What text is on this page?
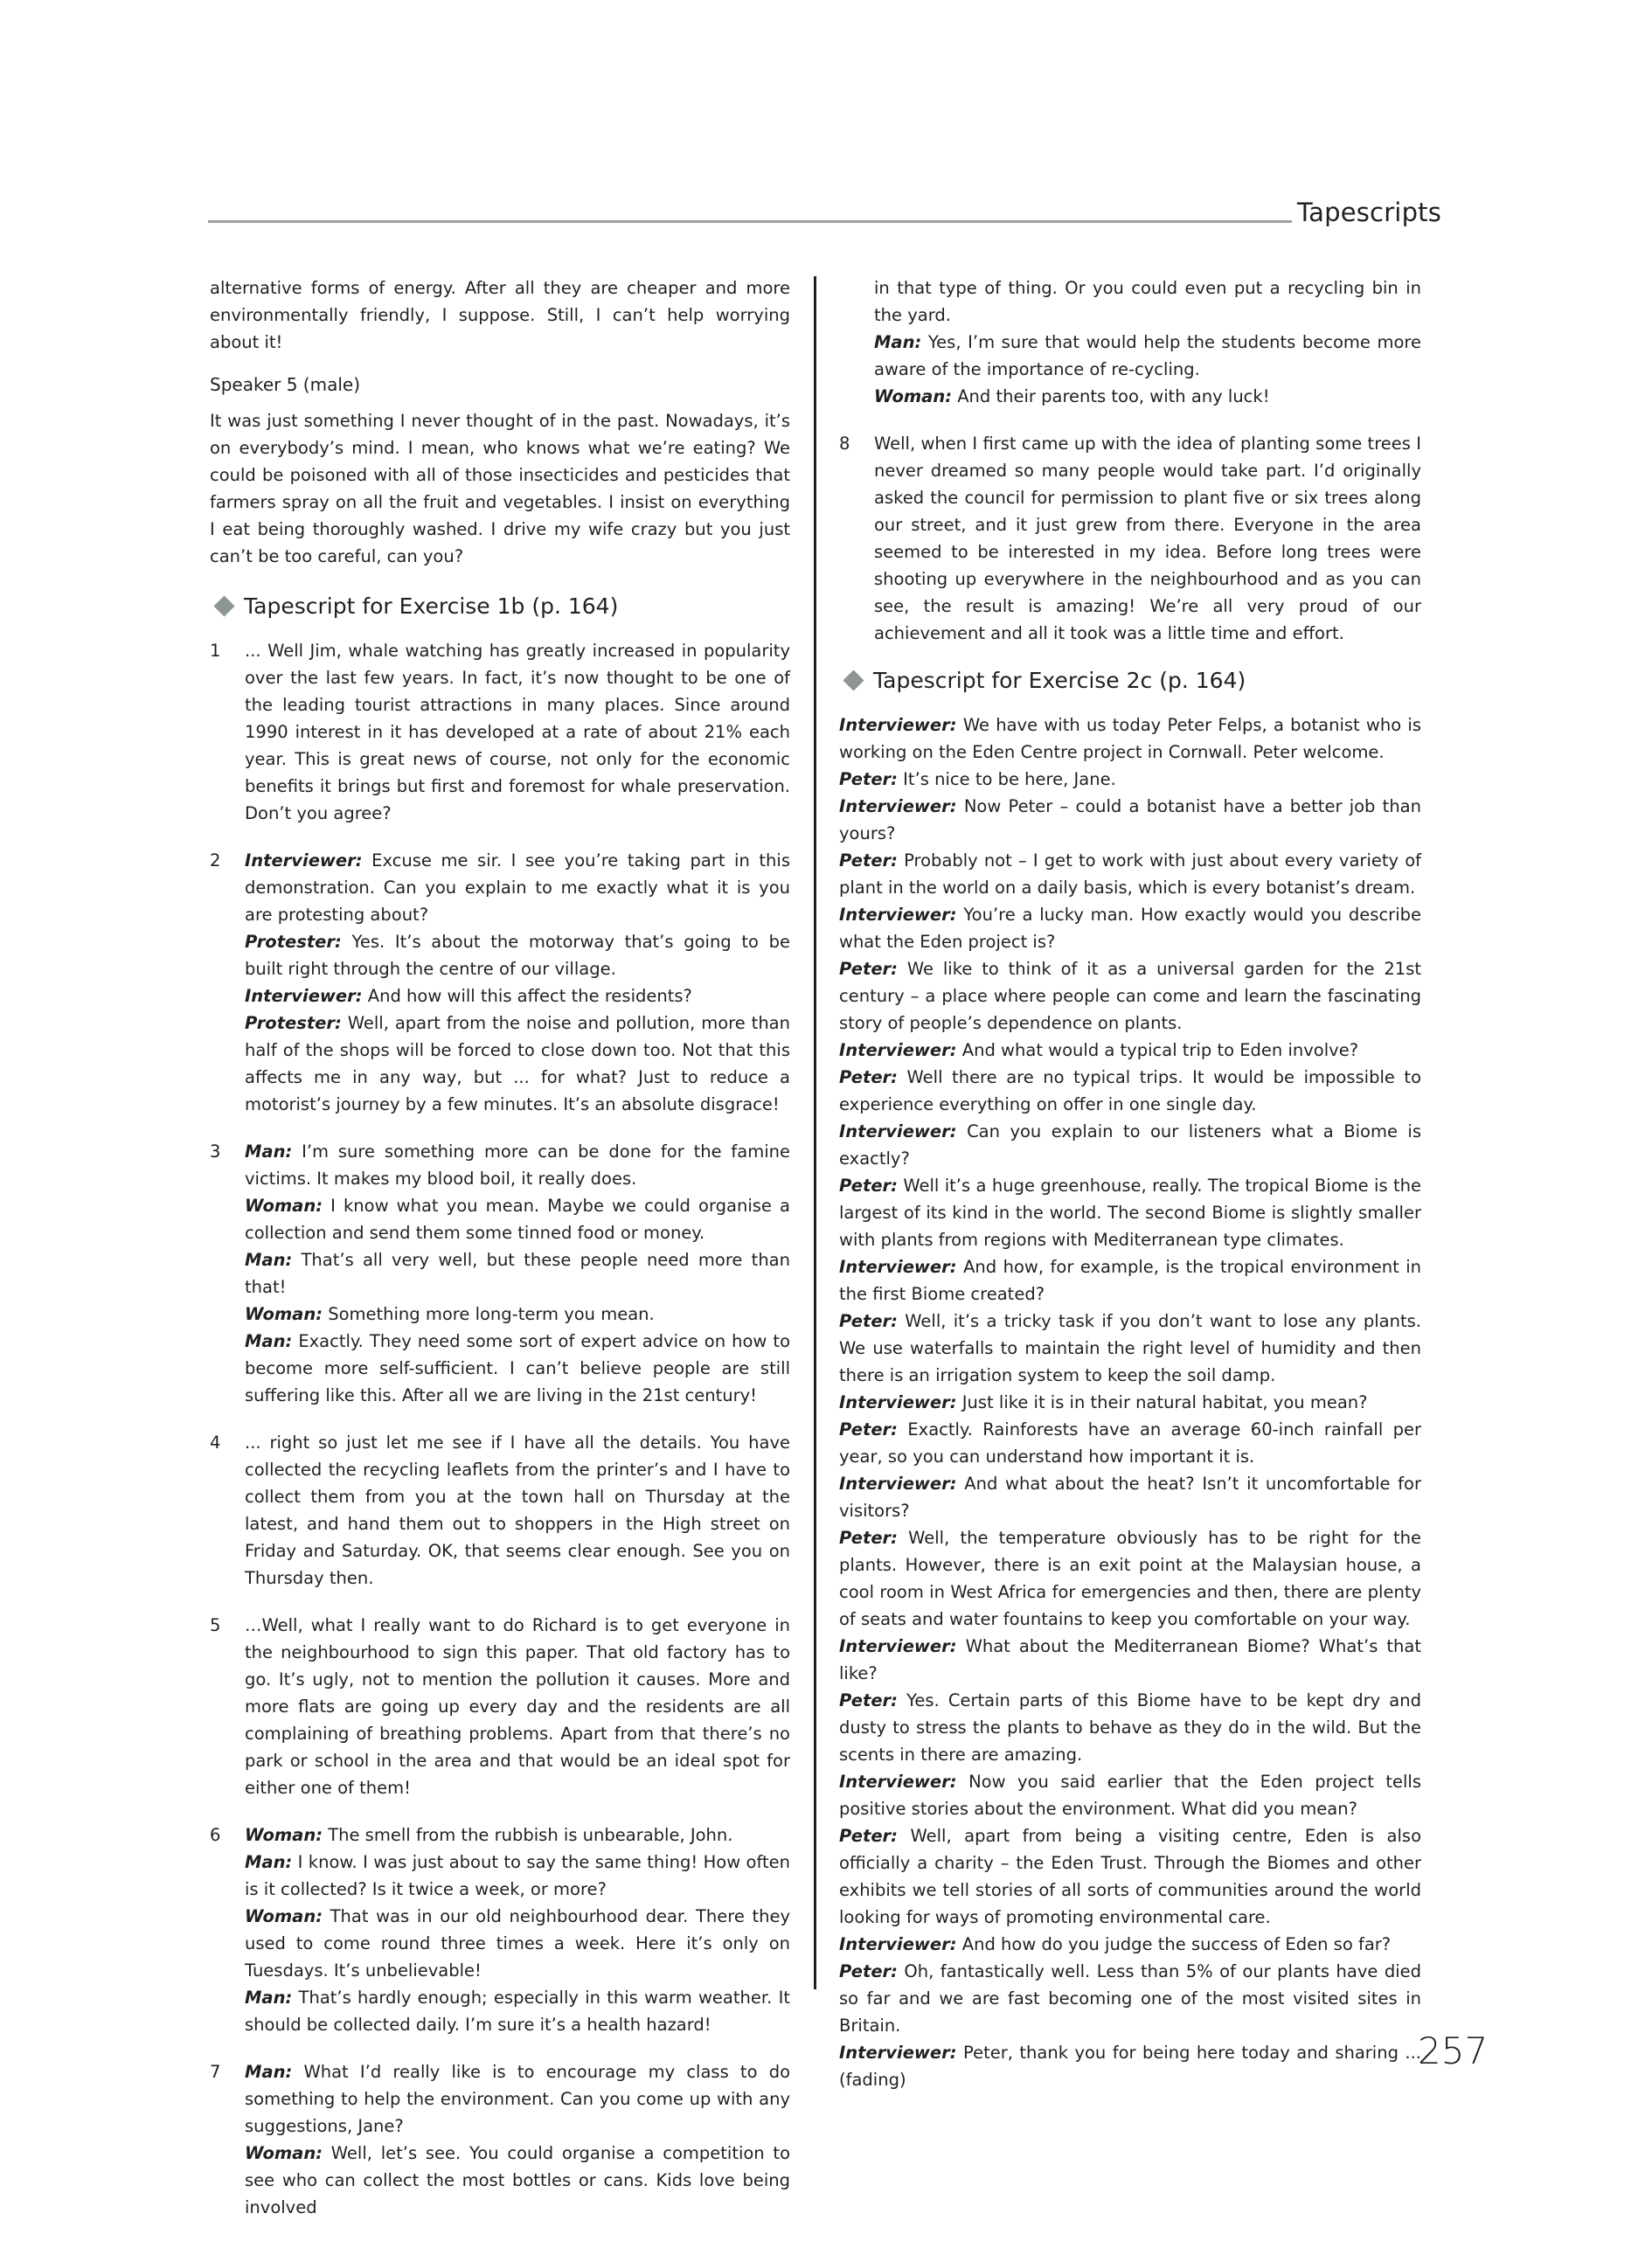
Tapescripts

alternative forms of energy. After all they are cheaper and more environmentally friendly, I suppose. Still, I can’t help worrying about it!

Speaker 5 (male)

It was just something I never thought of in the past. Nowadays, it’s on everybody’s mind. I mean, who knows what we’re eating? We could be poisoned with all of those insecticides and pesticides that farmers spray on all the fruit and vegetables. I insist on everything I eat being thoroughly washed. I drive my wife crazy but you just can’t be too careful, can you?

Tapescript for Exercise 1b (p. 164)
1	... Well Jim, whale watching has greatly increased in popularity over the last few years. In fact, it’s now thought to be one of the leading tourist attractions in many places. Since around 1990 interest in it has developed at a rate of about 21% each year. This is great news of course, not only for the economic benefits it brings but first and foremost for whale preservation. Don’t you agree?
2	Interviewer: Excuse me sir. I see you’re taking part in this demonstration. Can you explain to me exactly what it is you are protesting about?
Protester: Yes. It’s about the motorway that’s going to be built right through the centre of our village.
Interviewer: And how will this affect the residents?
Protester: Well, apart from the noise and pollution, more than half of the shops will be forced to close down too. Not that this affects me in any way, but ... for what? Just to reduce a motorist’s journey by a few minutes. It’s an absolute disgrace!
3	Man: I’m sure something more can be done for the famine victims. It makes my blood boil, it really does.
Woman: I know what you mean. Maybe we could organise a collection and send them some tinned food or money.
Man: That’s all very well, but these people need more than that!
Woman: Something more long-term you mean.
Man: Exactly. They need some sort of expert advice on how to become more self-sufficient. I can’t believe people are still suffering like this. After all we are living in the 21st century!
4	... right so just let me see if I have all the details. You have collected the recycling leaflets from the printer’s and I have to collect them from you at the town hall on Thursday at the latest, and hand them out to shoppers in the High street on Friday and Saturday. OK, that seems clear enough. See you on Thursday then.
5	…Well, what I really want to do Richard is to get everyone in the neighbourhood to sign this paper. That old factory has to go. It’s ugly, not to mention the pollution it causes. More and more flats are going up every day and the residents are all complaining of breathing problems. Apart from that there’s no park or school in the area and that would be an ideal spot for either one of them!
6	Woman: The smell from the rubbish is unbearable, John.
Man: I know. I was just about to say the same thing! How often is it collected? Is it twice a week, or more?
Woman: That was in our old neighbourhood dear. There they used to come round three times a week. Here it’s only on Tuesdays. It’s unbelievable!
Man: That’s hardly enough; especially in this warm weather. It should be collected daily. I’m sure it’s a health hazard!
7	Man: What I’d really like is to encourage my class to do something to help the environment. Can you come up with any suggestions, Jane?
Woman: Well, let’s see. You could organise a competition to see who can collect the most bottles or cans. Kids love being involved
in that type of thing. Or you could even put a recycling bin in the yard.
Man: Yes, I’m sure that would help the students become more aware of the importance of re-cycling.
Woman: And their parents too, with any luck!
8	Well, when I first came up with the idea of planting some trees I never dreamed so many people would take part. I’d originally asked the council for permission to plant five or six trees along our street, and it just grew from there. Everyone in the area seemed to be interested in my idea. Before long trees were shooting up everywhere in the neighbourhood and as you can see, the result is amazing! We’re all very proud of our achievement and all it took was a little time and effort.
Tapescript for Exercise 2c (p. 164)
Interviewer: We have with us today Peter Felps, a botanist who is working on the Eden Centre project in Cornwall. Peter welcome.
Peter: It’s nice to be here, Jane.
Interviewer: Now Peter – could a botanist have a better job than yours?
Peter: Probably not – I get to work with just about every variety of plant in the world on a daily basis, which is every botanist’s dream.
Interviewer: You’re a lucky man. How exactly would you describe what the Eden project is?
Peter: We like to think of it as a universal garden for the 21st century – a place where people can come and learn the fascinating story of people’s dependence on plants.
Interviewer: And what would a typical trip to Eden involve?
Peter: Well there are no typical trips. It would be impossible to experience everything on offer in one single day.
Interviewer: Can you explain to our listeners what a Biome is exactly?
Peter: Well it’s a huge greenhouse, really. The tropical Biome is the largest of its kind in the world. The second Biome is slightly smaller with plants from regions with Mediterranean type climates.
Interviewer: And how, for example, is the tropical environment in the first Biome created?
Peter: Well, it’s a tricky task if you don’t want to lose any plants. We use waterfalls to maintain the right level of humidity and then there is an irrigation system to keep the soil damp.
Interviewer: Just like it is in their natural habitat, you mean?
Peter: Exactly. Rainforests have an average 60-inch rainfall per year, so you can understand how important it is.
Interviewer: And what about the heat? Isn’t it uncomfortable for visitors?
Peter: Well, the temperature obviously has to be right for the plants. However, there is an exit point at the Malaysian house, a cool room in West Africa for emergencies and then, there are plenty of seats and water fountains to keep you comfortable on your way.
Interviewer: What about the Mediterranean Biome? What’s that like?
Peter: Yes. Certain parts of this Biome have to be kept dry and dusty to stress the plants to behave as they do in the wild. But the scents in there are amazing.
Interviewer: Now you said earlier that the Eden project tells positive stories about the environment. What did you mean?
Peter: Well, apart from being a visiting centre, Eden is also officially a charity – the Eden Trust. Through the Biomes and other exhibits we tell stories of all sorts of communities around the world looking for ways of promoting environmental care.
Interviewer: And how do you judge the success of Eden so far?
Peter: Oh, fantastically well. Less than 5% of our plants have died so far and we are fast becoming one of the most visited sites in Britain.
Interviewer: Peter, thank you for being here today and sharing ... (fading)
257
